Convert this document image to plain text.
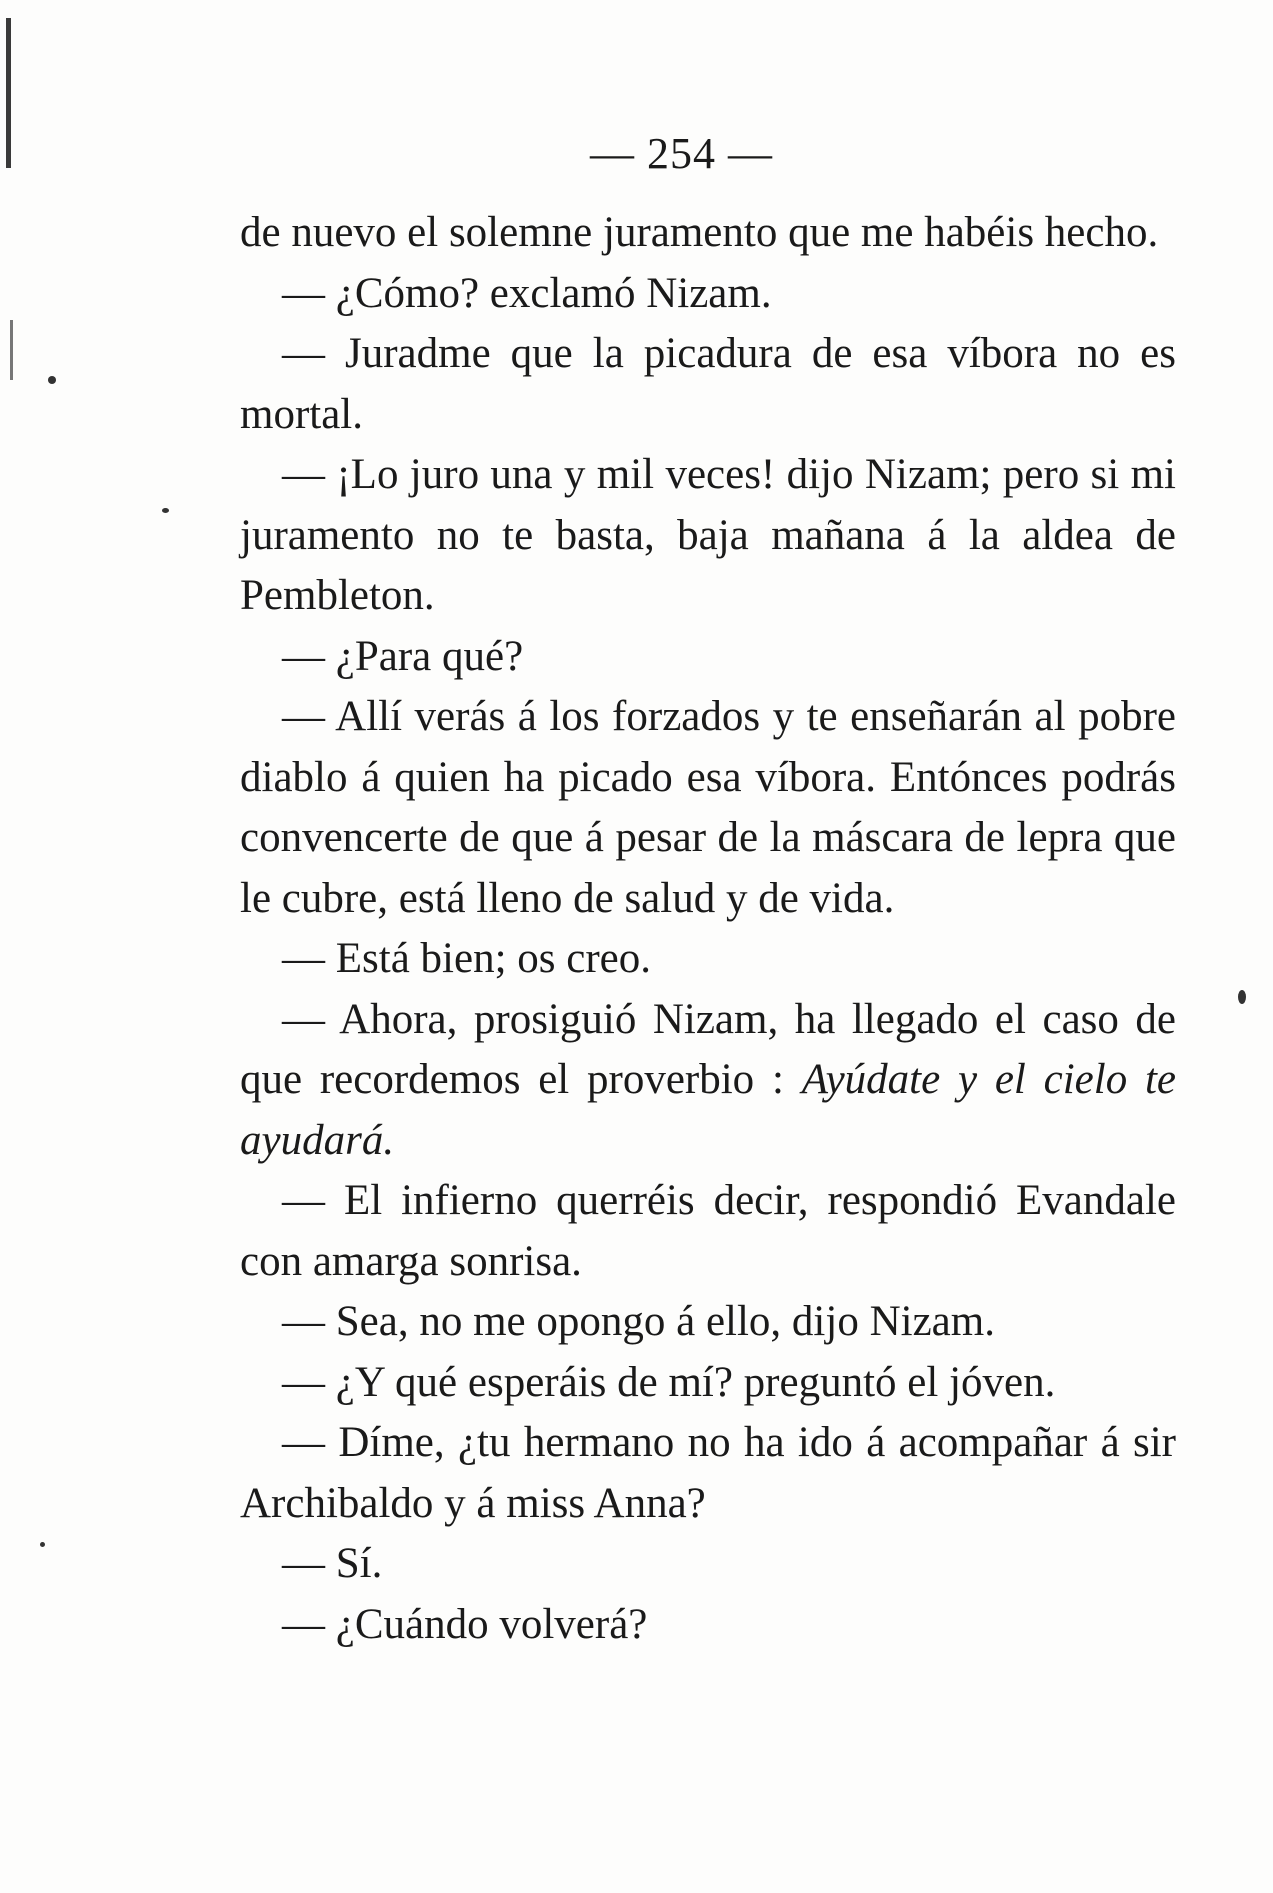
— 254 —

de nuevo el solemne juramento que me habéis hecho.

— ¿Cómo? exclamó Nizam.

— Juradme que la picadura de esa víbora no es mortal.

— ¡Lo juro una y mil veces! dijo Nizam; pero si mi juramento no te basta, baja mañana á la aldea de Pembleton.

— ¿Para qué?

— Allí verás á los forzados y te enseñarán al pobre diablo á quien ha picado esa víbora. Entónces podrás convencerte de que á pesar de la máscara de lepra que le cubre, está lleno de salud y de vida.

— Está bien; os creo.

— Ahora, prosiguió Nizam, ha llegado el caso de que recordemos el proverbio : Ayúdate y el cielo te ayudará.

— El infierno querréis decir, respondió Evandale con amarga sonrisa.

— Sea, no me opongo á ello, dijo Nizam.

— ¿Y qué esperáis de mí? preguntó el jóven.

— Díme, ¿tu hermano no ha ido á acompañar á sir Archibaldo y á miss Anna?

— Sí.

— ¿Cuándo volverá?
